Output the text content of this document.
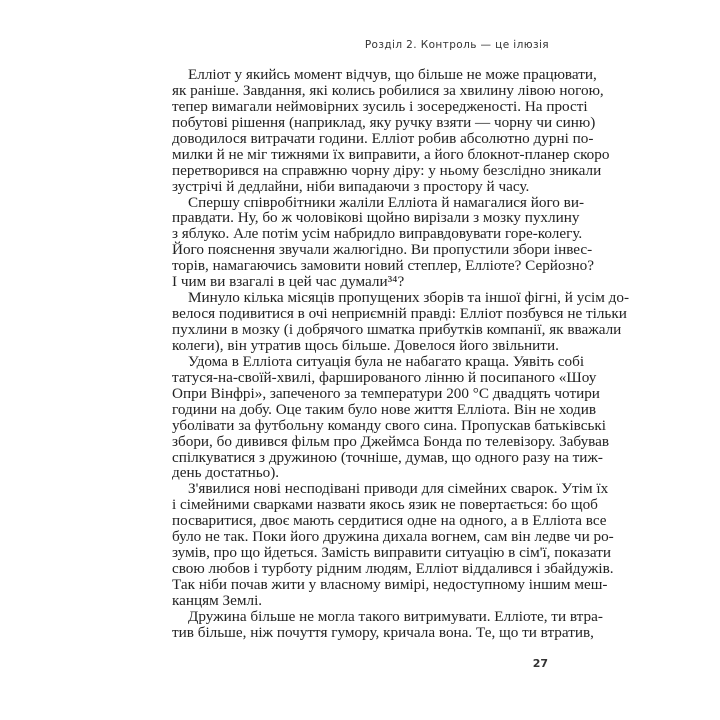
Розділ 2. Контроль — це ілюзія
Еллiот у якийсь момент вiдчув, що бiльше не може працювати,
як раніше. Завдання, які колись робилися за хвилину лівою ногою,
тепер вимагали неймовірних зусиль і зосередженості. На прості
побутові рішення (наприклад, яку ручку взяти — чорну чи синю)
доводилося витрачати години. Еллiот робив абсолютно дурні по-
милки й не міг тижнями їх виправити, а його блокнот-планер скоро
перетворився на справжню чорну діру: у ньому безслідно зникали
зустрічі й дедлайни, ніби випадаючи з простору й часу.
Спершу співробітники жаліли Еллiота й намагалися його ви-
правдати. Ну, бо ж чоловікові щойно вирізали з мозку пухлину
з яблуко. Але потім усім набридло виправдовувати горе-колегу.
Його пояснення звучали жалюгідно. Ви пропустили збори інвес-
торів, намагаючись замовити новий степлер, Еллiоте? Серйозно?
І чим ви взагалі в цей час думали³⁴?
Минуло кілька місяців пропущених зборів та іншої фігні, й усім до-
велося подивитися в очі неприємній правді: Еллiот позбувся не тільки
пухлини в мозку (і добрячого шматка прибутків компанії, як вважали
колеги), він утратив щось більше. Довелося його звільнити.
Удома в Еллiота ситуація була не набагато краща. Уявіть собі
татуся-на-своїй-хвилі, фаршированого лінню й посипаного «Шоу
Опри Вінфрі», запеченого за температури 200 °С двадцять чотири
години на добу. Оце таким було нове життя Еллiота. Він не ходив
уболівати за футбольну команду свого сина. Пропускав батьківські
збори, бо дивився фільм про Джеймса Бонда по телевізору. Забував
спілкуватися з дружиною (точніше, думав, що одного разу на тиж-
день достатньо).
З'явилися нові несподівані приводи для сімейних сварок. Утім їх
і сімейними сварками назвати якось язик не повертається: бо щоб
посваритися, двоє мають сердитися одне на одного, а в Еллiота все
було не так. Поки його дружина дихала вогнем, сам він ледве чи ро-
зумів, про що йдеться. Замість виправити ситуацію в сім'ї, показати
свою любов і турботу рідним людям, Еллiот віддалився і збайдужів.
Так ніби почав жити у власному вимірі, недоступному іншим меш-
канцям Землі.
Дружина більше не могла такого витримувати. Еллiоте, ти втра-
тив більше, ніж почуття гумору, кричала вона. Те, що ти втратив,
27
